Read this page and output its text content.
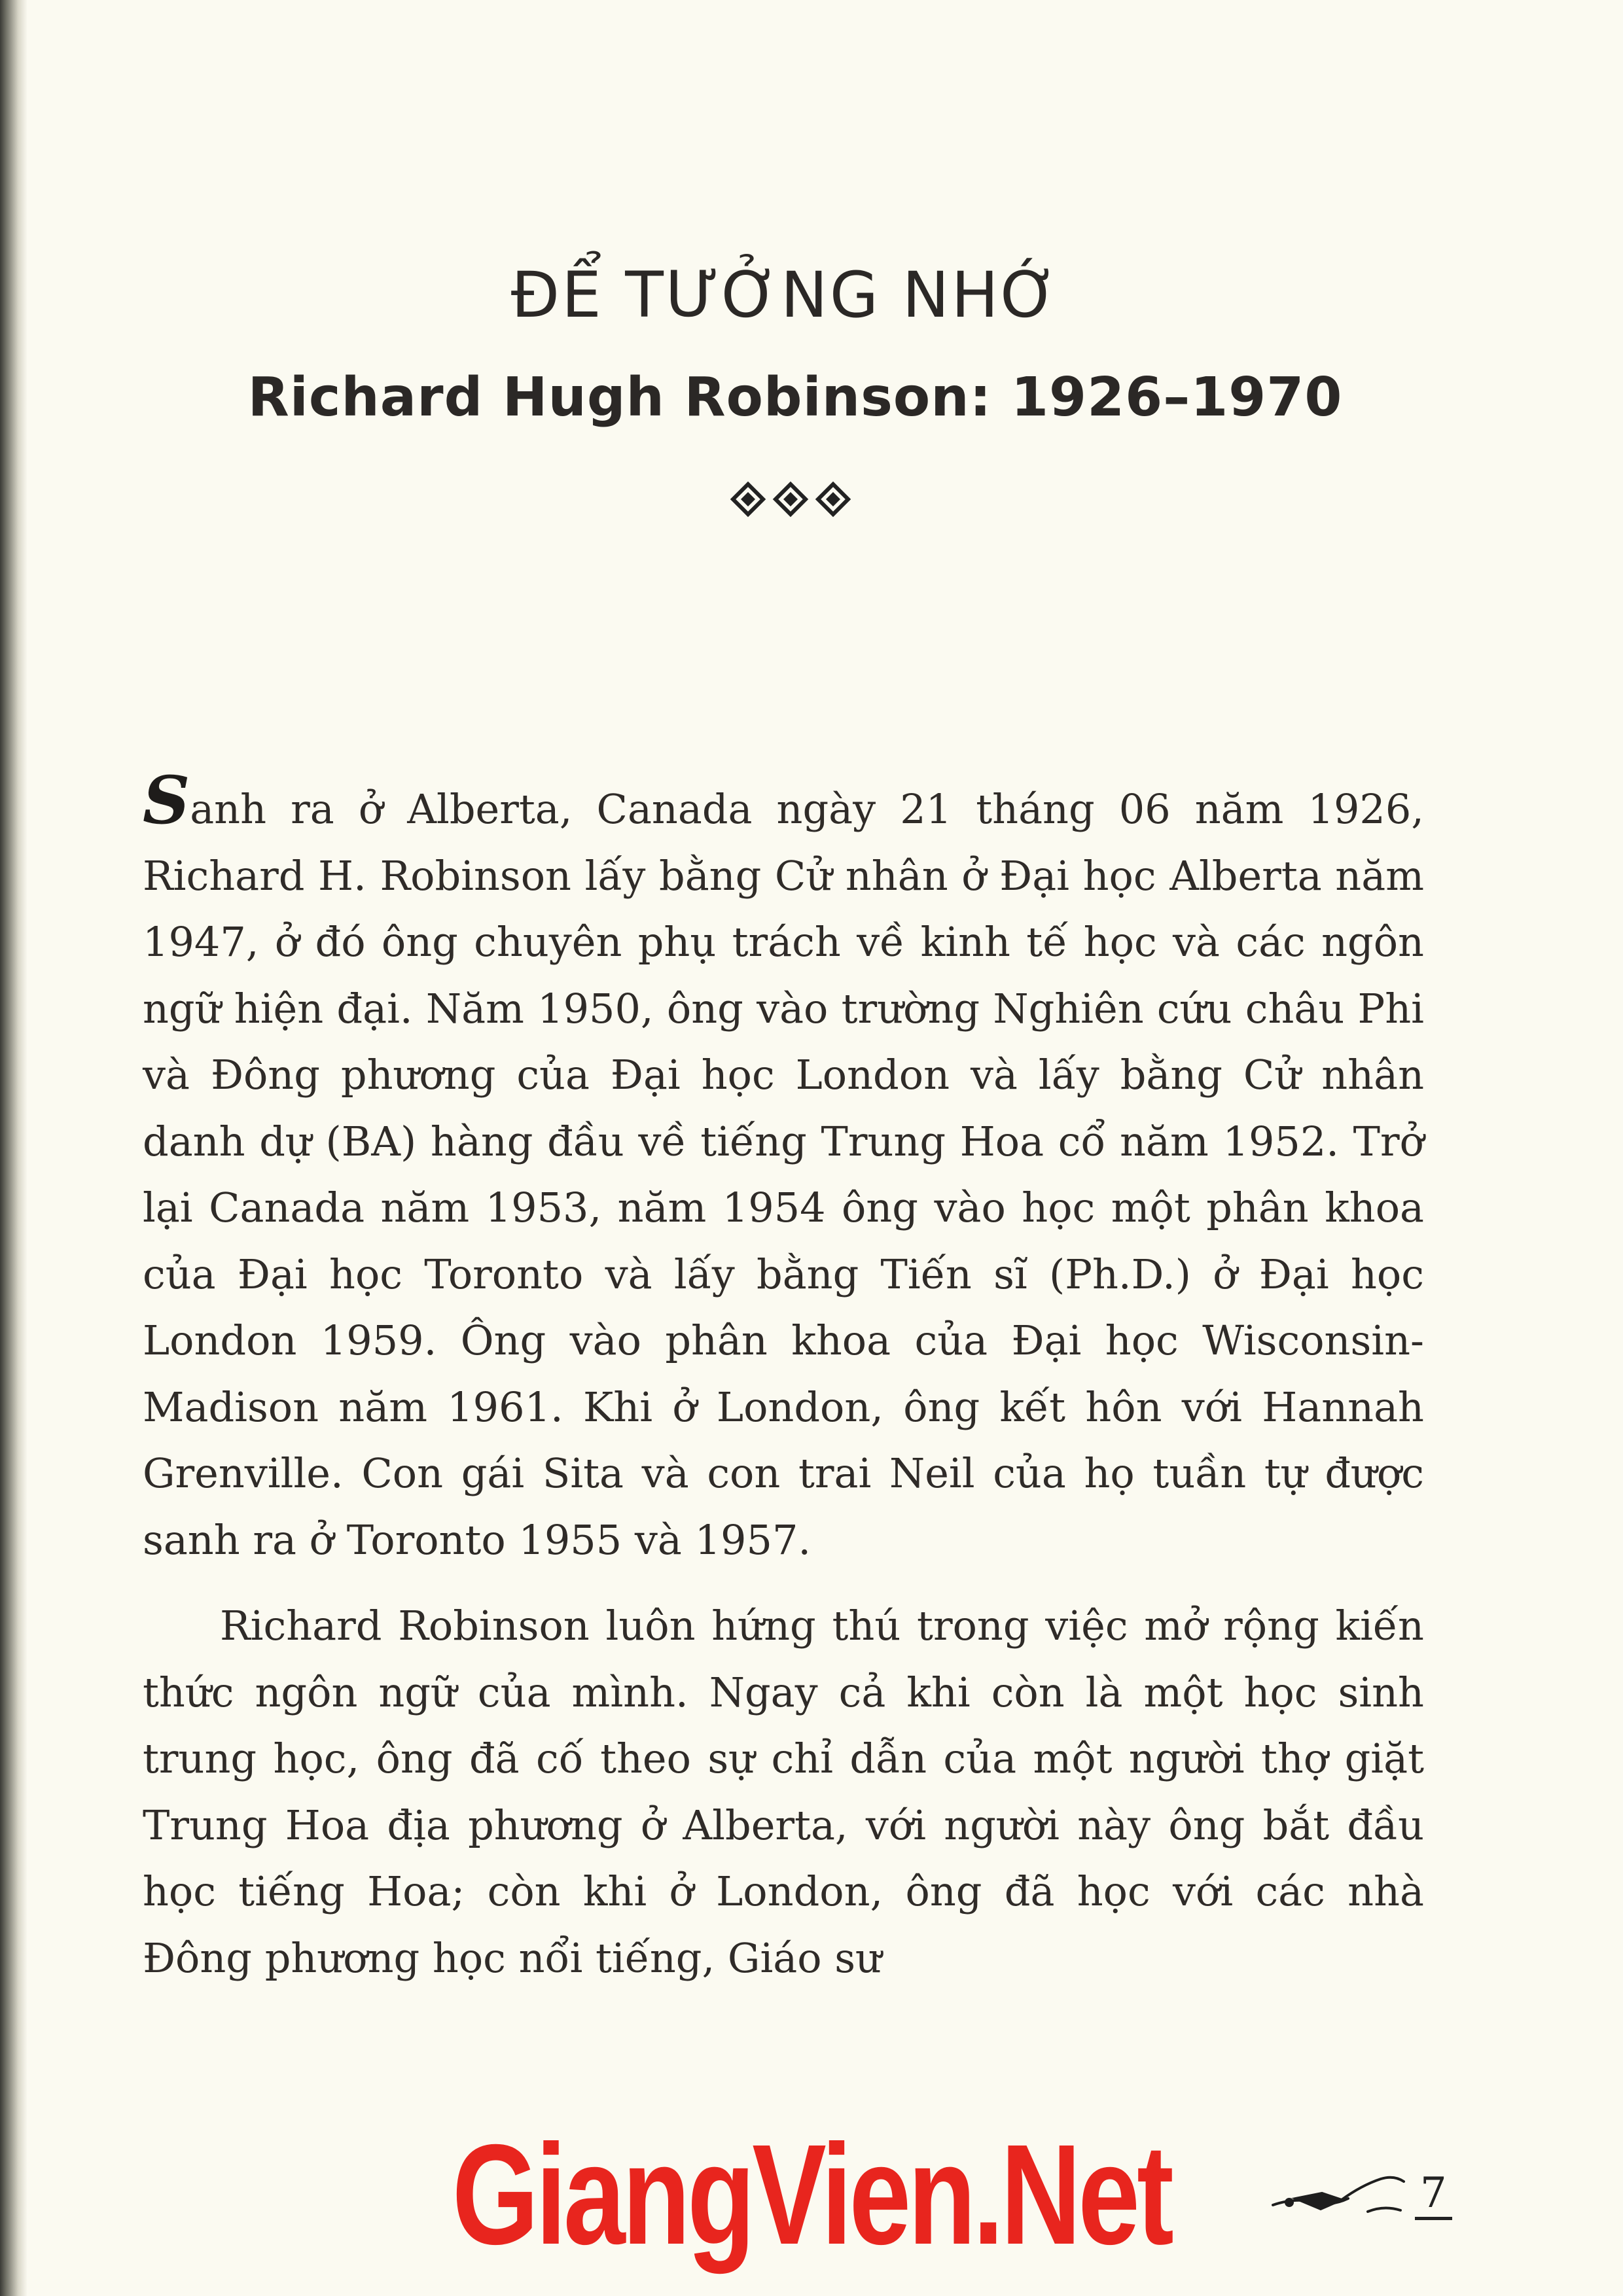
ĐỂ TƯỞNG NHỚ
Richard Hugh Robinson: 1926–1970

Sanh ra ở Alberta, Canada ngày 21 tháng 06 năm 1926, Richard H. Robinson lấy bằng Cử nhân ở Đại học Alberta năm 1947, ở đó ông chuyên phụ trách về kinh tế học và các ngôn ngữ hiện đại. Năm 1950, ông vào trường Nghiên cứu châu Phi và Đông phương của Đại học London và lấy bằng Cử nhân danh dự (BA) hàng đầu về tiếng Trung Hoa cổ năm 1952. Trở lại Canada năm 1953, năm 1954 ông vào học một phân khoa của Đại học Toronto và lấy bằng Tiến sĩ (Ph.D.) ở Đại học London 1959. Ông vào phân khoa của Đại học Wisconsin-Madison năm 1961. Khi ở London, ông kết hôn với Hannah Grenville. Con gái Sita và con trai Neil của họ tuần tự được sanh ra ở Toronto 1955 và 1957.

Richard Robinson luôn hứng thú trong việc mở rộng kiến thức ngôn ngữ của mình. Ngay cả khi còn là một học sinh trung học, ông đã cố theo sự chỉ dẫn của một người thợ giặt Trung Hoa địa phương ở Alberta, với người này ông bắt đầu học tiếng Hoa; còn khi ở London, ông đã học với các nhà Đông phương học nổi tiếng, Giáo sư

GiangVien.Net	7
